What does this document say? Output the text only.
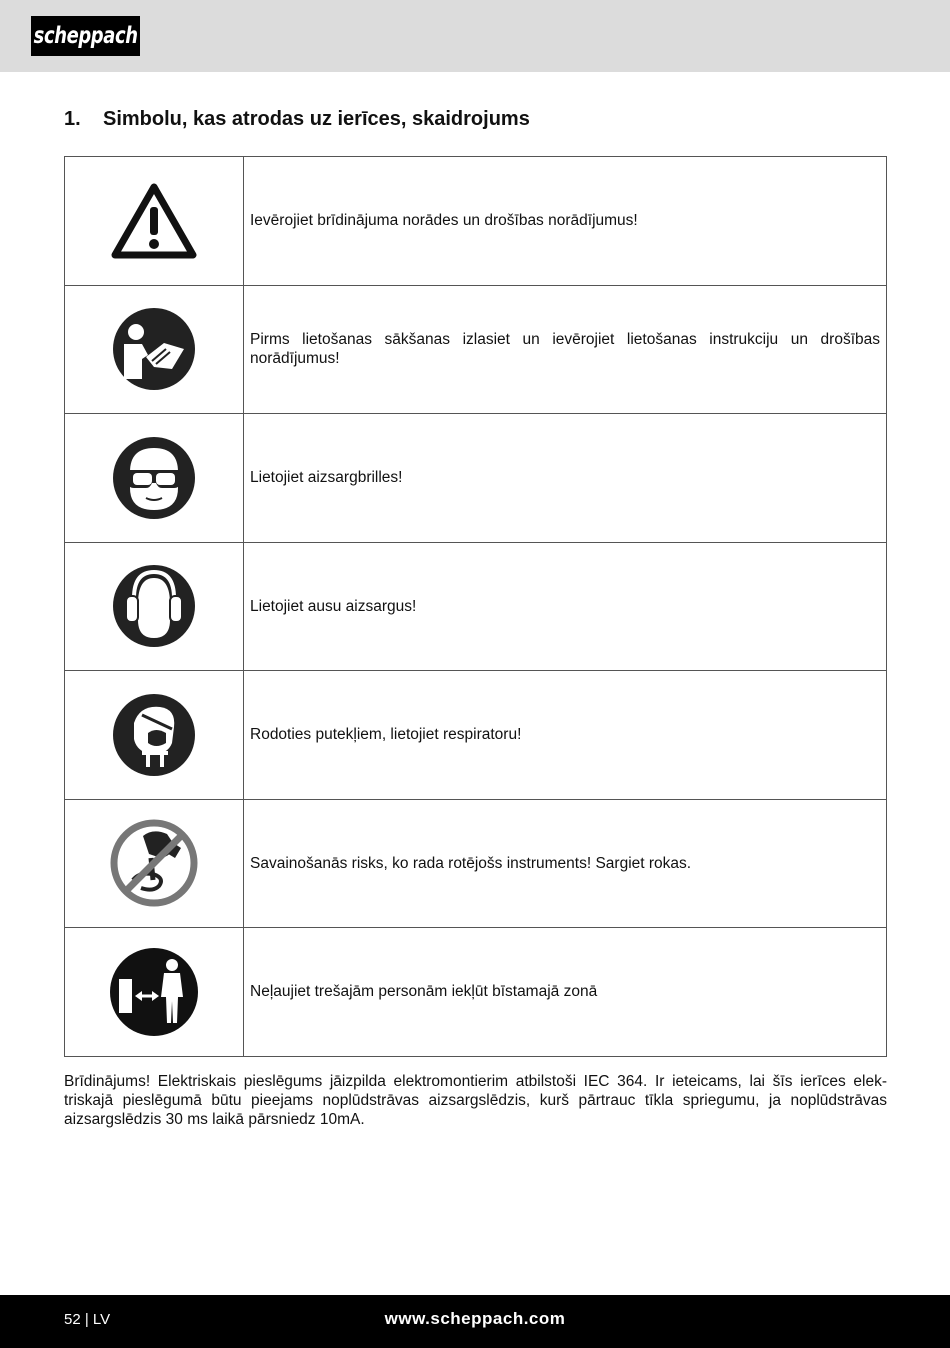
scheppach
1. Simbolu, kas atrodas uz ierīces, skaidrojums
	Ievērojiet brīdinājuma norādes un drošības norādījumus!
	Pirms lietošanas sākšanas izlasiet un ievērojiet lietošanas instrukciju un drošības norādījumus!
	Lietojiet aizsargbrilles!
	Lietojiet ausu aizsargus!
	Rodoties putekļiem, lietojiet respiratoru!
	Savainošanās risks, ko rada rotējošs instruments! Sargiet rokas.
	Neļaujiet trešajām personām iekļūt bīstamajā zonā

Brīdinājums! Elektriskais pieslēgums jāizpilda elektromontierim atbilstoši IEC 364. Ir ieteicams, lai šīs ierīces elek-triskajā pieslēgumā būtu pieejams noplūdstrāvas aizsargslēdzis, kurš pārtrauc tīkla spriegumu, ja noplūdstrāvas aizsargslēdzis 30 ms laikā pārsniedz 10mA.

52 | LV	www.scheppach.com
